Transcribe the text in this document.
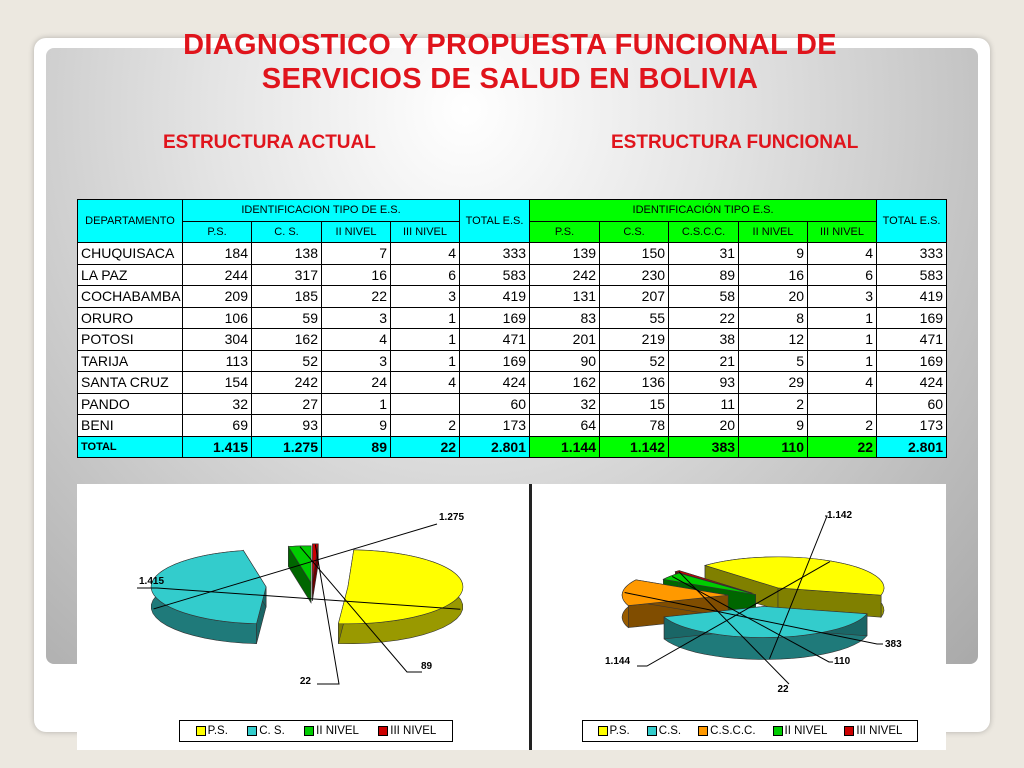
DIAGNOSTICO Y PROPUESTA FUNCIONAL DE
SERVICIOS DE SALUD EN BOLIVIA
ESTRUCTURA ACTUAL	ESTRUCTURA FUNCIONAL
DEPARTAMENTO	IDENTIFICACION TIPO DE E.S.				TOTAL E.S.	IDENTIFICACIÓN TIPO E.S.					TOTAL E.S.
	P.S.	C. S.	II NIVEL	III NIVEL		P.S.	C.S.	C.S.C.C.	II NIVEL	III NIVEL	
CHUQUISACA	184	138	7	4	333	139	150	31	9	4	333
LA PAZ	244	317	16	6	583	242	230	89	16	6	583
COCHABAMBA	209	185	22	3	419	131	207	58	20	3	419
ORURO	106	59	3	1	169	83	55	22	8	1	169
POTOSI	304	162	4	1	471	201	219	38	12	1	471
TARIJA	113	52	3	1	169	90	52	21	5	1	169
SANTA CRUZ	154	242	24	4	424	162	136	93	29	4	424
PANDO	32	27	1		60	32	15	11	2		60
BENI	69	93	9	2	173	64	78	20	9	2	173
TOTAL	1.415	1.275	89	22	2.801	1.144	1.142	383	110	22	2.801
1.415
1.275
89
22
1.144
1.142
383
110
22
P.S.	C. S.	II NIVEL	III NIVEL	P.S.	C.S.	C.S.C.C.	II NIVEL	III NIVEL
